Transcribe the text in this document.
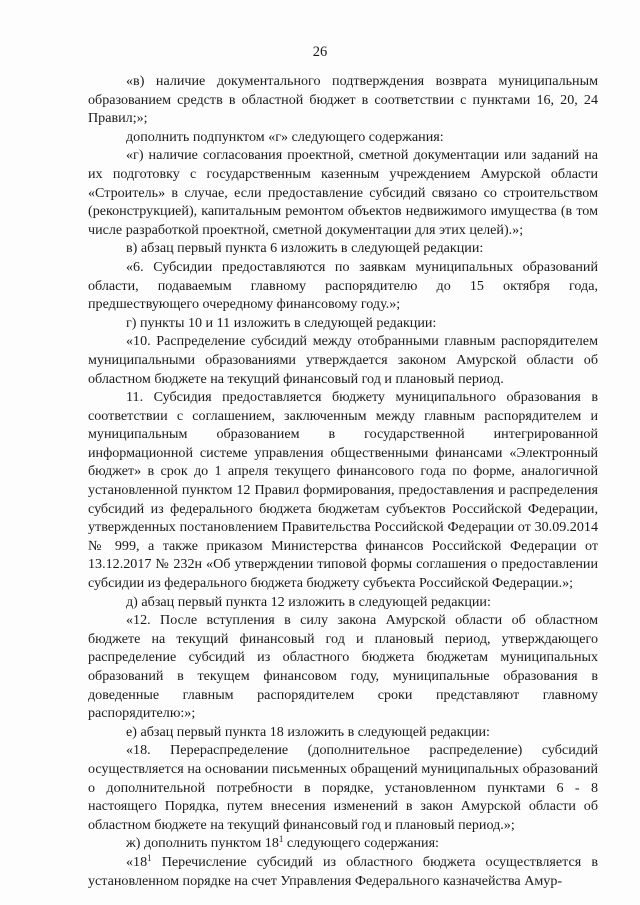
26

«в) наличие документального подтверждения возврата муниципальным образованием средств в областной бюджет в соответствии с пунктами 16, 20, 24 Правил;»;

дополнить подпунктом «г» следующего содержания:

«г) наличие согласования проектной, сметной документации или заданий на их подготовку с государственным казенным учреждением Амурской области «Строитель» в случае, если предоставление субсидий связано со строительством (реконструкцией), капитальным ремонтом объектов недвижимого имущества (в том числе разработкой проектной, сметной документации для этих целей).»;

в) абзац первый пункта 6 изложить в следующей редакции:

«6. Субсидии предоставляются по заявкам муниципальных образований области, подаваемым главному распорядителю до 15 октября года, предшествующего очередному финансовому году.»;

г) пункты 10 и 11 изложить в следующей редакции:

«10. Распределение субсидий между отобранными главным распорядителем муниципальными образованиями утверждается законом Амурской области об областном бюджете на текущий финансовый год и плановый период.

11. Субсидия предоставляется бюджету муниципального образования в соответствии с соглашением, заключенным между главным распорядителем и муниципальным образованием в государственной интегрированной информационной системе управления общественными финансами «Электронный бюджет» в срок до 1 апреля текущего финансового года по форме, аналогичной установленной пунктом 12 Правил формирования, предоставления и распределения субсидий из федерального бюджета бюджетам субъектов Российской Федерации, утвержденных постановлением Правительства Российской Федерации от 30.09.2014 № 999, а также приказом Министерства финансов Российской Федерации от 13.12.2017 № 232н «Об утверждении типовой формы соглашения о предоставлении субсидии из федерального бюджета бюджету субъекта Российской Федерации.»;

д) абзац первый пункта 12 изложить в следующей редакции:

«12. После вступления в силу закона Амурской области об областном бюджете на текущий финансовый год и плановый период, утверждающего распределение субсидий из областного бюджета бюджетам муниципальных образований в текущем финансовом году, муниципальные образования в доведенные главным распорядителем сроки представляют главному распорядителю:»;

е) абзац первый пункта 18 изложить в следующей редакции:

«18. Перераспределение (дополнительное распределение) субсидий осуществляется на основании письменных обращений муниципальных образований о дополнительной потребности в порядке, установленном пунктами 6 - 8 настоящего Порядка, путем внесения изменений в закон Амурской области об областном бюджете на текущий финансовый год и плановый период.»;

ж) дополнить пунктом $18^1$ следующего содержания:

«$18^1$ Перечисление субсидий из областного бюджета осуществляется в установленном порядке на счет Управления Федерального казначейства Амур-
